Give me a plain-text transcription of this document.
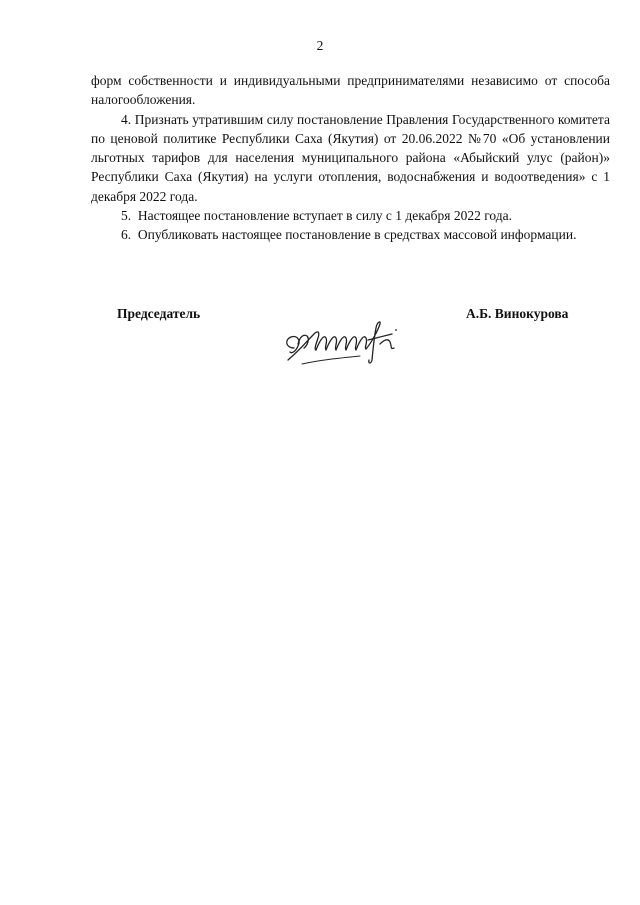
2

форм собственности и индивидуальными предпринимателями независимо от способа налогообложения.

4. Признать утратившим силу постановление Правления Государственного комитета по ценовой политике Республики Саха (Якутия) от 20.06.2022 №70 «Об установлении льготных тарифов для населения муниципального района «Абыйский улус (район)» Республики Саха (Якутия) на услуги отопления, водоснабжения и водоотведения» с 1 декабря 2022 года.

5.  Настоящее постановление вступает в силу с 1 декабря 2022 года.

6.  Опубликовать настоящее постановление в средствах массовой информации.

Председатель	А.Б. Винокурова
